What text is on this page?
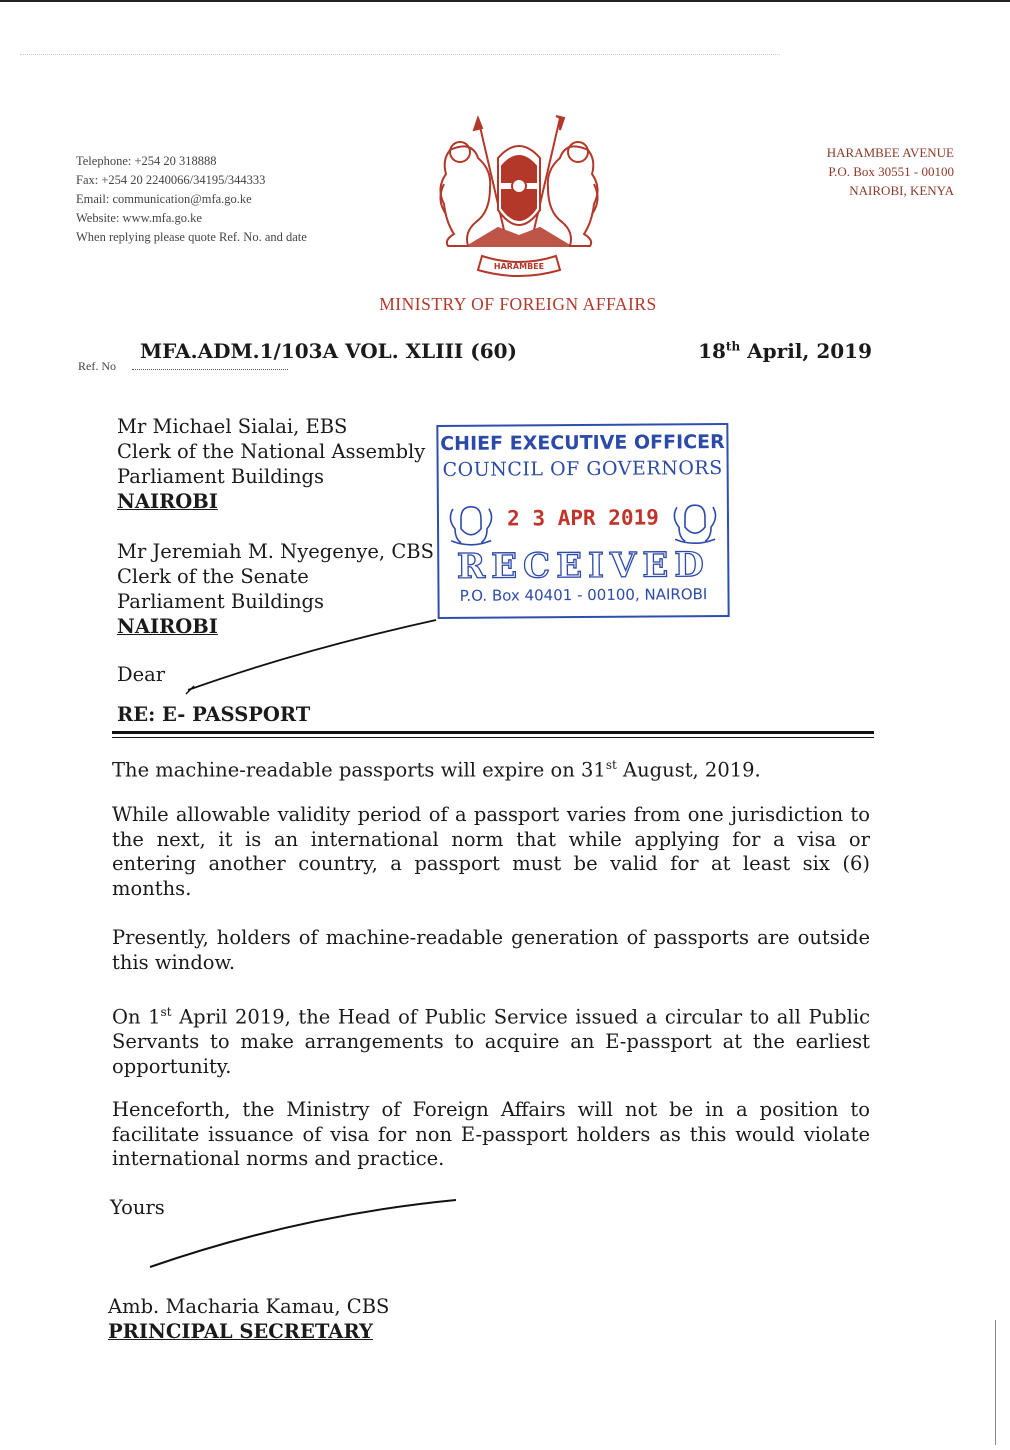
Telephone: +254 20 318888
Fax: +254 20 2240066/34195/344333
Email: communication@mfa.go.ke
Website: www.mfa.go.ke
When replying please quote Ref. No. and date
HARAMBEE
HARAMBEE AVENUE
P.O. Box 30551 - 00100
NAIROBI, KENYA
MINISTRY OF FOREIGN AFFAIRS
MFA.ADM.1/103A VOL. XLIII (60)
Ref. No
18th April, 2019
Mr Michael Sialai, EBS
Clerk of the National Assembly
Parliament Buildings
NAIROBI
Mr Jeremiah M. Nyegenye, CBS
Clerk of the Senate
Parliament Buildings
NAIROBI
CHIEF EXECUTIVE OFFICER
COUNCIL OF GOVERNORS
2 3 APR 2019
RECEIVED
P.O. Box 40401 - 00100, NAIROBI
Dear
RE: E- PASSPORT
The machine-readable passports will expire on 31st August, 2019.
While allowable validity period of a passport varies from one jurisdiction to the next, it is an international norm that while applying for a visa or entering another country, a passport must be valid for at least six (6) months.
Presently, holders of machine-readable generation of passports are outside this window.
On 1st April 2019, the Head of Public Service issued a circular to all Public Servants to make arrangements to acquire an E-passport at the earliest opportunity.
Henceforth, the Ministry of Foreign Affairs will not be in a position to facilitate issuance of visa for non E-passport holders as this would violate international norms and practice.
Yours
Amb. Macharia Kamau, CBS
PRINCIPAL SECRETARY
